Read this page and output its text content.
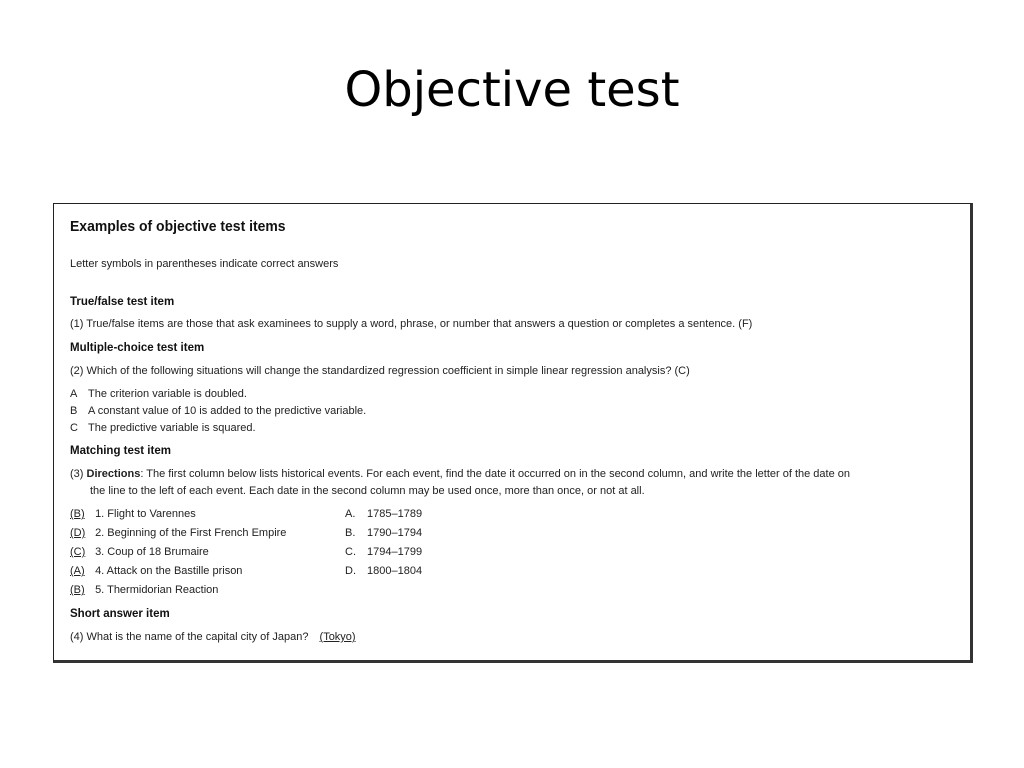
Objective test
Examples of objective test items
Letter symbols in parentheses indicate correct answers
True/false test item
(1) True/false items are those that ask examinees to supply a word, phrase, or number that answers a question or completes a sentence. (F)
Multiple-choice test item
(2) Which of the following situations will change the standardized regression coefficient in simple linear regression analysis? (C)
A The criterion variable is doubled.
B A constant value of 10 is added to the predictive variable.
C The predictive variable is squared.
Matching test item
(3) Directions: The first column below lists historical events. For each event, find the date it occurred on in the second column, and write the letter of the date on
the line to the left of each event. Each date in the second column may be used once, more than once, or not at all.
(B) 1. Flight to Varennes
(D) 2. Beginning of the First French Empire
(C) 3. Coup of 18 Brumaire
(A) 4. Attack on the Bastille prison
(B) 5. Thermidorian Reaction
A. 1785–1789
B. 1790–1794
C. 1794–1799
D. 1800–1804
Short answer item
(4) What is the name of the capital city of Japan? (Tokyo)
